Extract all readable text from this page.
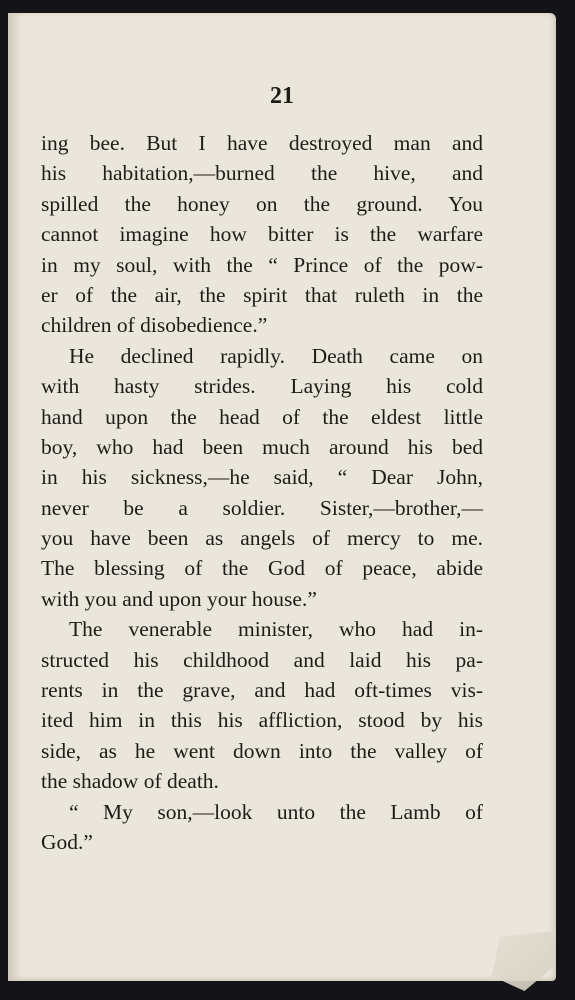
21
ing bee. But I have destroyed man and
his habitation,—burned the hive, and
spilled the honey on the ground. You
cannot imagine how bitter is the warfare
in my soul, with the “ Prince of the pow-
er of the air, the spirit that ruleth in the
children of disobedience.”
He declined rapidly. Death came on
with hasty strides. Laying his cold
hand upon the head of the eldest little
boy, who had been much around his bed
in his sickness,—he said, “ Dear John,
never be a soldier. Sister,—brother,—
you have been as angels of mercy to me.
The blessing of the God of peace, abide
with you and upon your house.”
The venerable minister, who had in-
structed his childhood and laid his pa-
rents in the grave, and had oft-times vis-
ited him in this his affliction, stood by his
side, as he went down into the valley of
the shadow of death.
“ My son,—look unto the Lamb of
God.”
